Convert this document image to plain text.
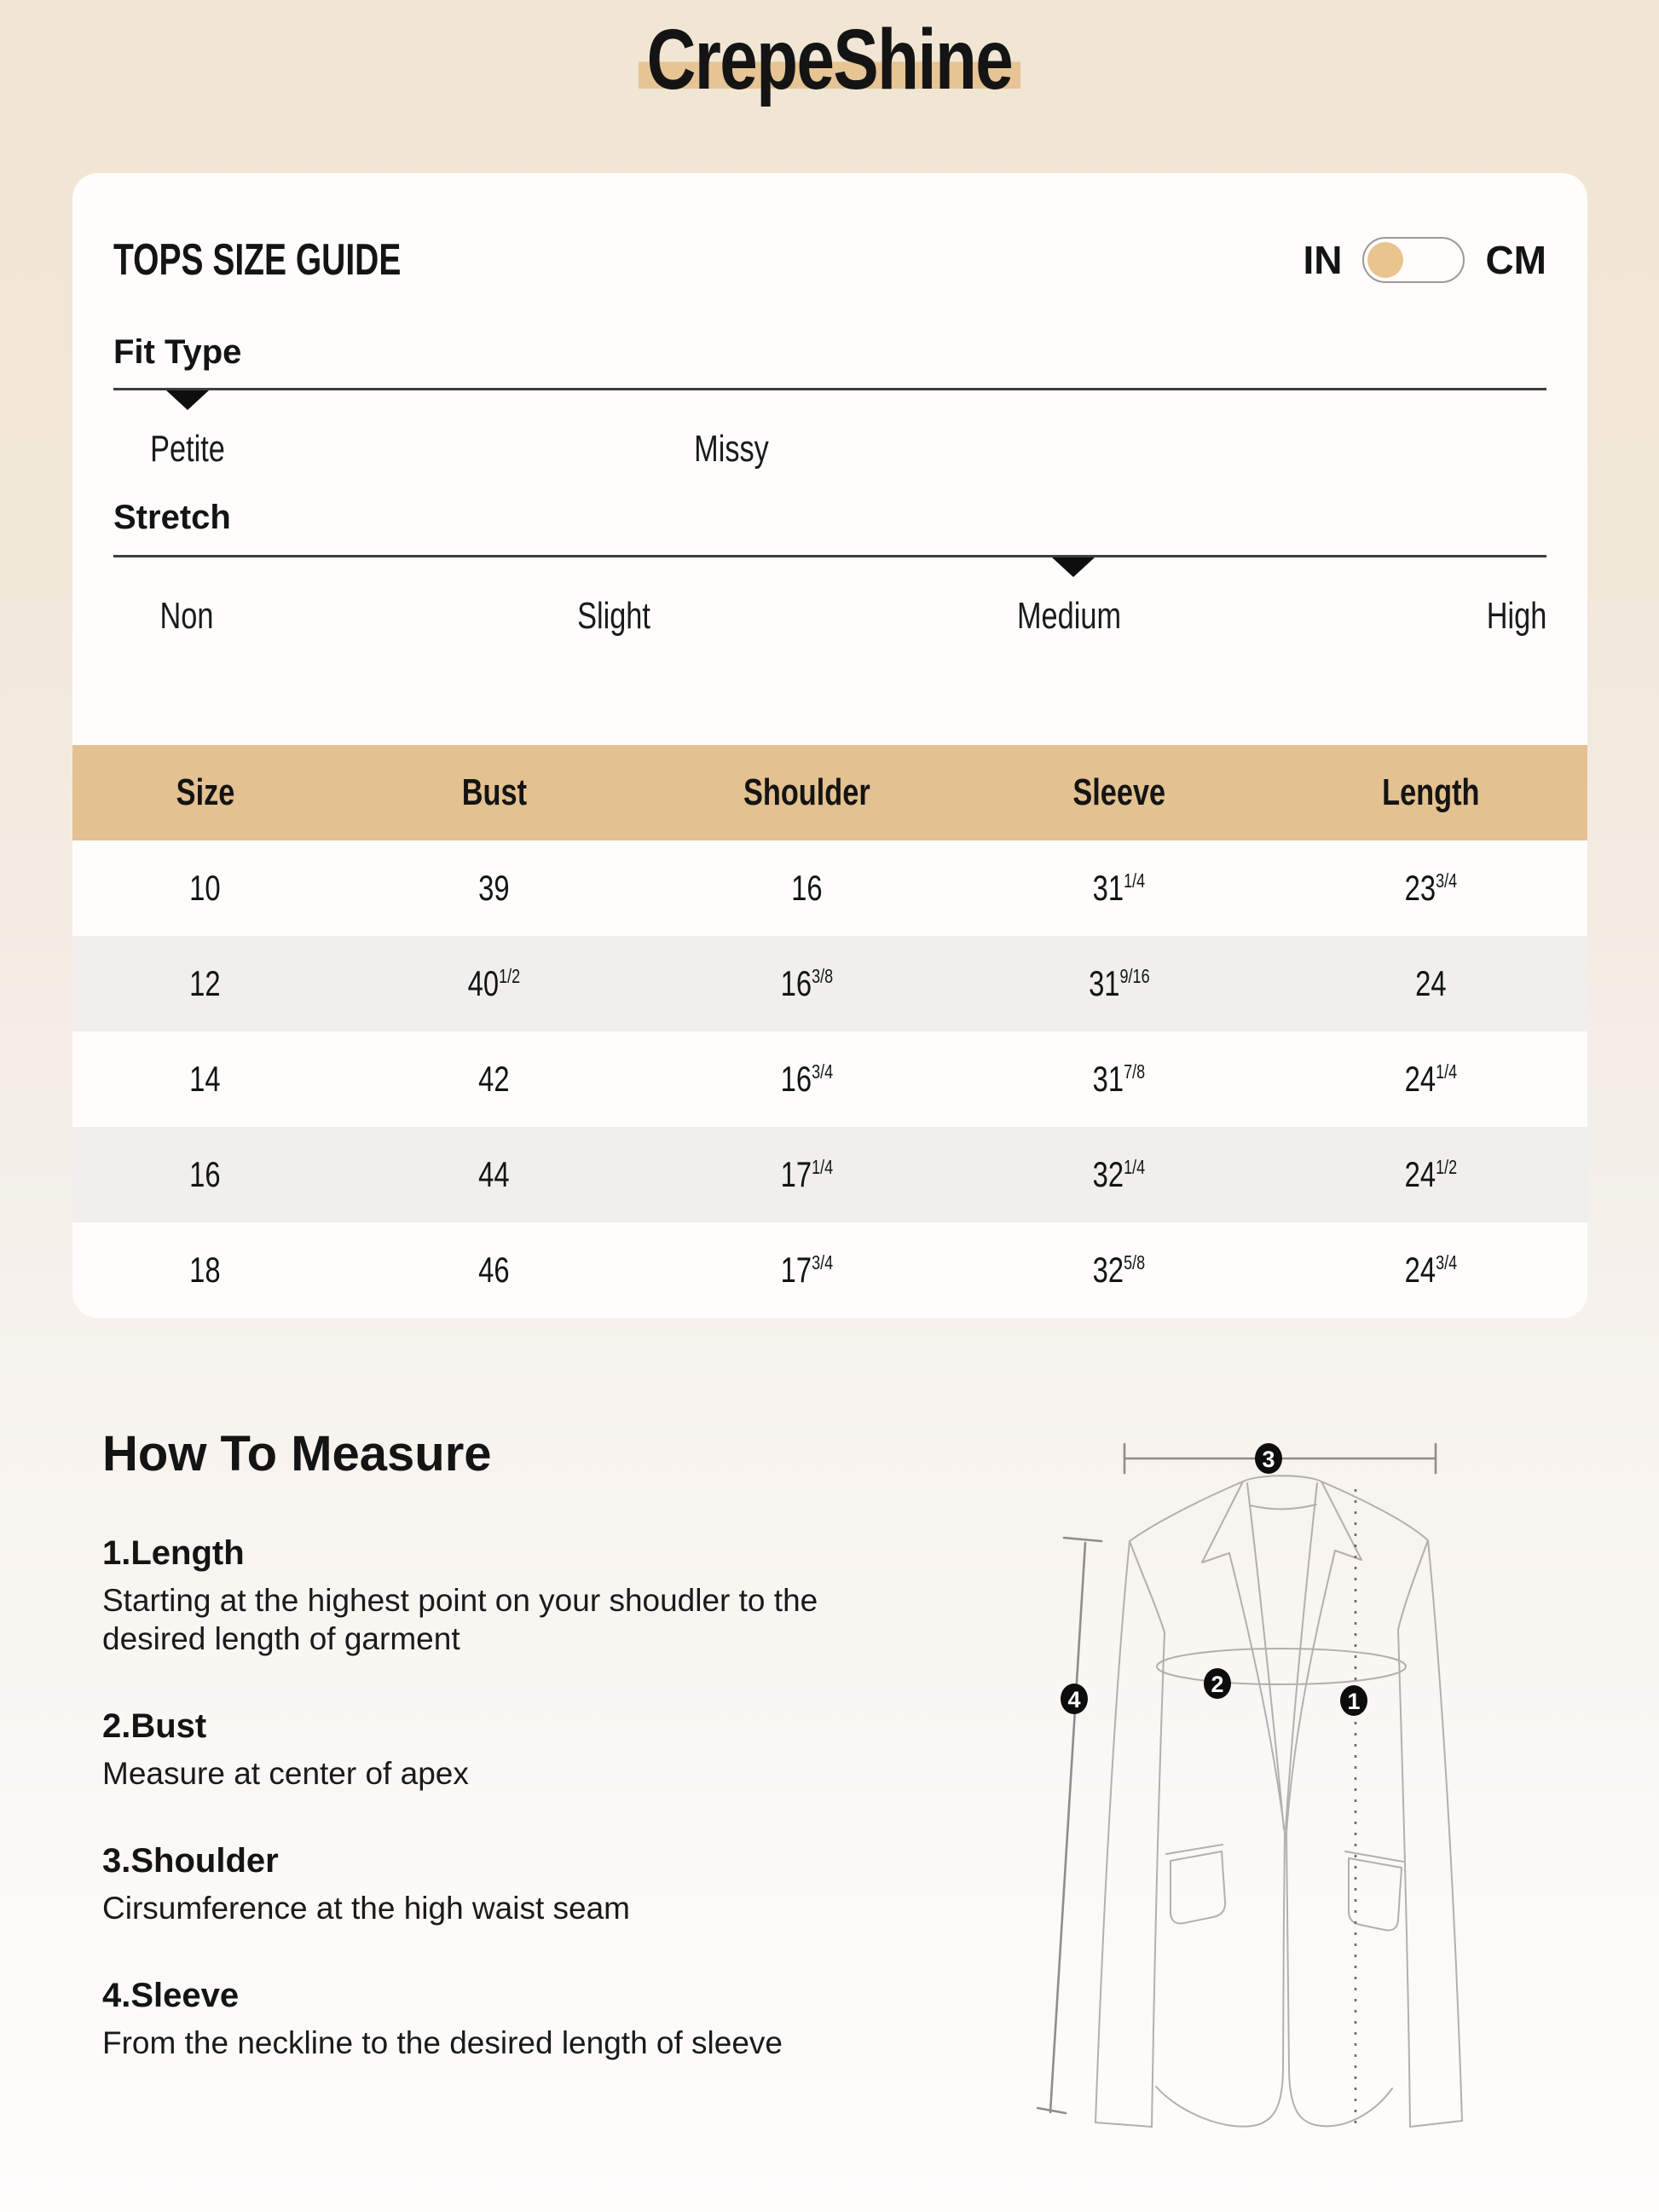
CrepeShine
TOPS SIZE GUIDE	IN	CM
Fit Type
Petite	Missy
Stretch
Non	Slight	Medium	High
Size	Bust	Shoulder	Sleeve	Length
10	39	16	$31^{1/4}$	$23^{3/4}$
12	$40^{1/2}$	$16^{3/8}$	$31^{9/16}$	24
14	42	$16^{3/4}$	$31^{7/8}$	$24^{1/4}$
16	44	$17^{1/4}$	$32^{1/4}$	$24^{1/2}$
18	46	$17^{3/4}$	$32^{5/8}$	$24^{3/4}$
How To Measure
1.Length

Starting at the highest point on your shoudler to the desired length of garment

2.Bust

Measure at center of apex

3.Shoulder

Cirsumference at the high waist seam

4.Sleeve

From the neckline to the desired length of sleeve

3
4
2
1
